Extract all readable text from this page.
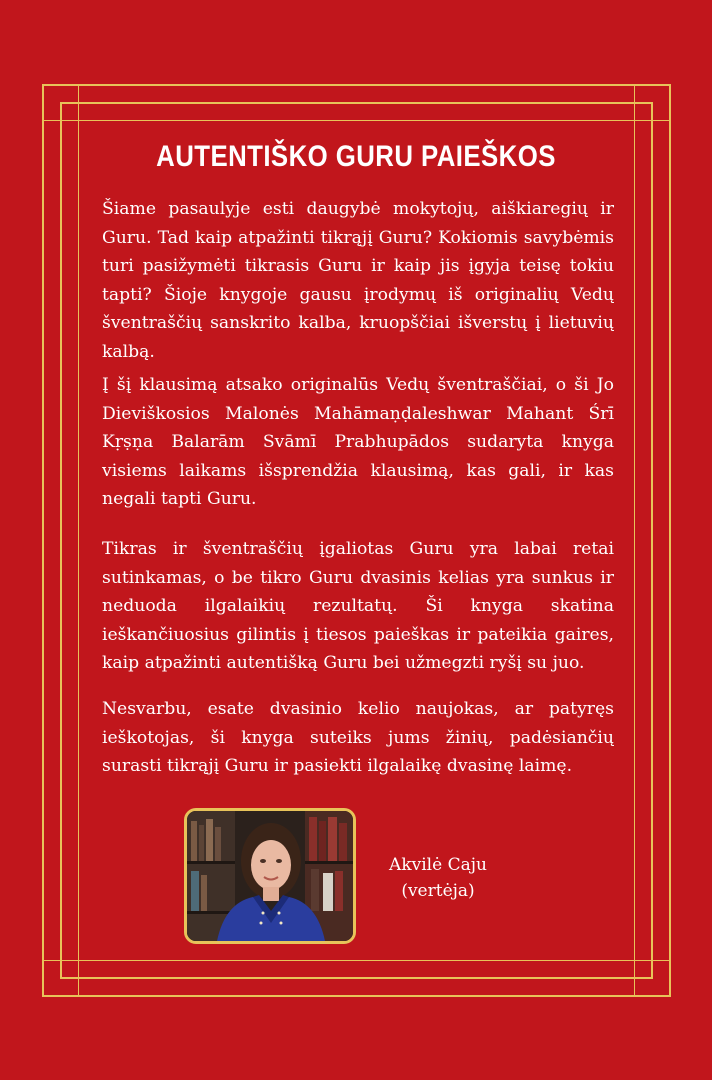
AUTENTIŠKO GURU PAIEŠKOS

Šiame pasaulyje esti daugybė mokytojų, aiškiaregių ir Guru. Tad kaip atpažinti tikrąjį Guru? Kokiomis savybėmis turi pasižymėti tikrasis Guru ir kaip jis įgyja teisę tokiu tapti? Šioje knygoje gausu įrodymų iš originalių Vedų šventraščių sanskrito kalba, kruopščiai išverstų į lietuvių kalbą.

Į šį klausimą atsako originalūs Vedų šventraščiai, o ši Jo Dieviškosios Malonės Mahāmaṇḍaleshwar Mahant Śrī Kṛṣṇa Balarām Svāmī Prabhupādos sudaryta knyga visiems laikams išsprendžia klausimą, kas gali, ir kas negali tapti Guru.

Tikras ir šventraščių įgaliotas Guru yra labai retai sutinkamas, o be tikro Guru dvasinis kelias yra sunkus ir neduoda ilgalaikių rezultatų. Ši knyga skatina ieškančiuosius gilintis į tiesos paieškas ir pateikia gaires, kaip atpažinti autentišką Guru bei užmegzti ryšį su juo.

Nesvarbu, esate dvasinio kelio naujokas, ar patyręs ieškotojas, ši knyga suteiks jums žinių, padėsiančių surasti tikrąjį Guru ir pasiekti ilgalaikę dvasinę laimę.

Akvilė Caju
(vertėja)
